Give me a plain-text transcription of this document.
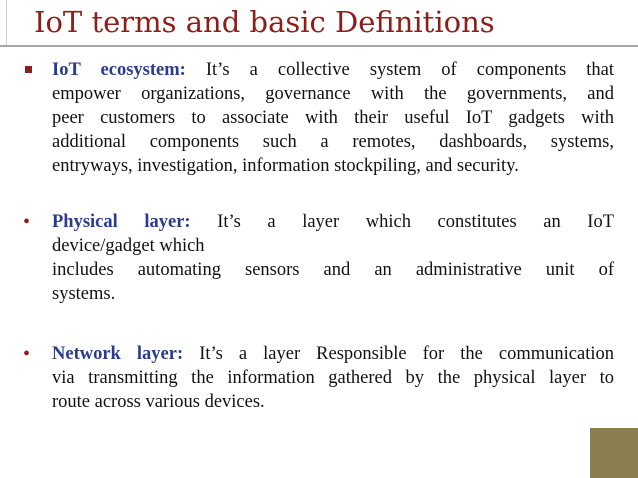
IoT terms and basic Definitions
IoT ecosystem: It’s a collective system of components that
empower organizations, governance with the governments, and
peer customers to associate with their useful IoT gadgets with
additional components such a remotes, dashboards, systems,
entryways, investigation, information stockpiling, and security.
•	Physical layer: It’s a layer which constitutes an IoT
device/gadget which
includes automating sensors and an administrative unit of
systems.
•	Network layer: It’s a layer Responsible for the communication
via transmitting the information gathered by the physical layer to
route across various devices.
